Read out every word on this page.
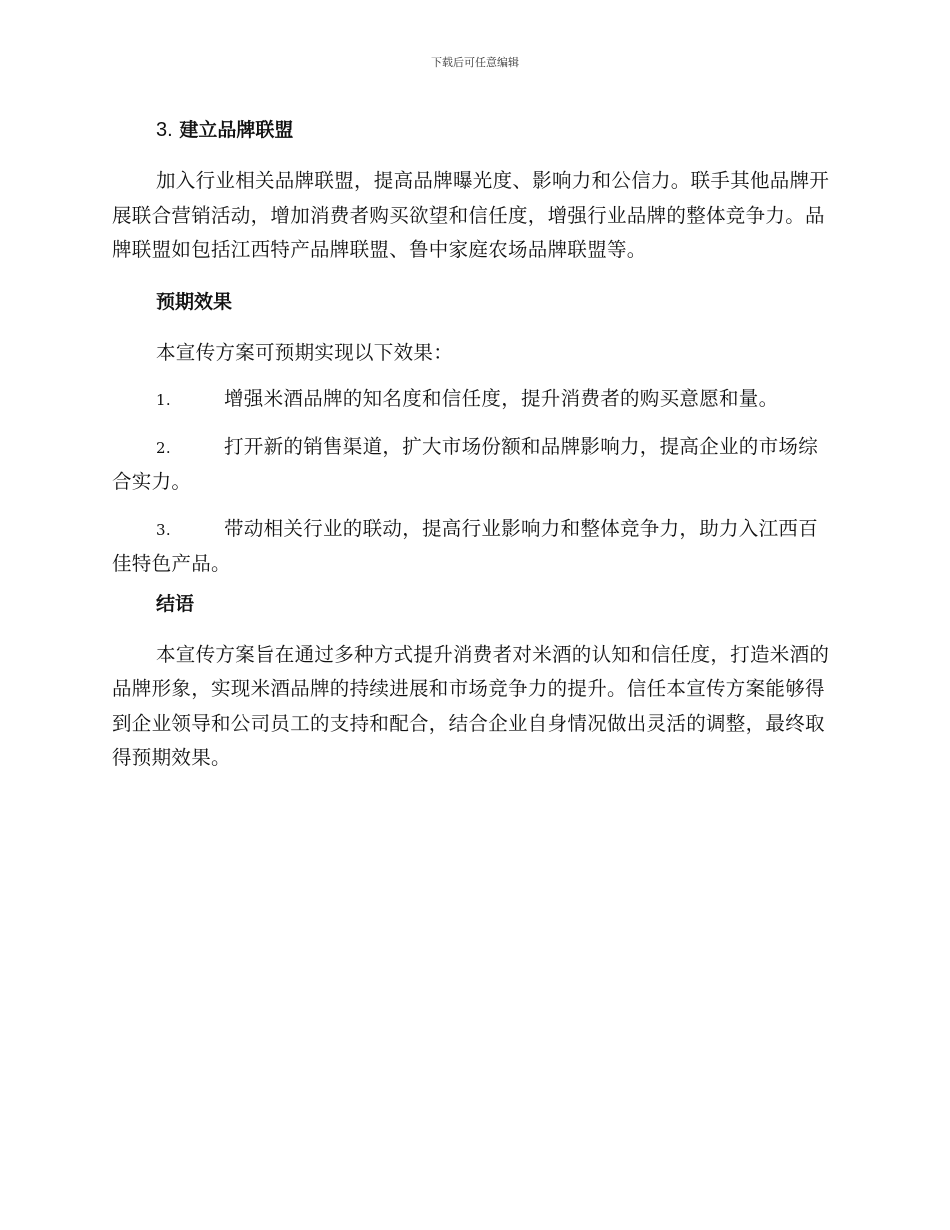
下载后可任意编辑
3. 建立品牌联盟

加入行业相关品牌联盟，提高品牌曝光度、影响力和公信力。联手其他品牌开展联合营销活动，增加消费者购买欲望和信任度，增强行业品牌的整体竞争力。品牌联盟如包括江西特产品牌联盟、鲁中家庭农场品牌联盟等。

预期效果

本宣传方案可预期实现以下效果：

1.	增强米酒品牌的知名度和信任度，提升消费者的购买意愿和量。

2.	打开新的销售渠道，扩大市场份额和品牌影响力，提高企业的市场综合实力。

3.	带动相关行业的联动，提高行业影响力和整体竞争力，助力入江西百佳特色产品。

结语

本宣传方案旨在通过多种方式提升消费者对米酒的认知和信任度，打造米酒的品牌形象，实现米酒品牌的持续进展和市场竞争力的提升。信任本宣传方案能够得到企业领导和公司员工的支持和配合，结合企业自身情况做出灵活的调整，最终取得预期效果。
